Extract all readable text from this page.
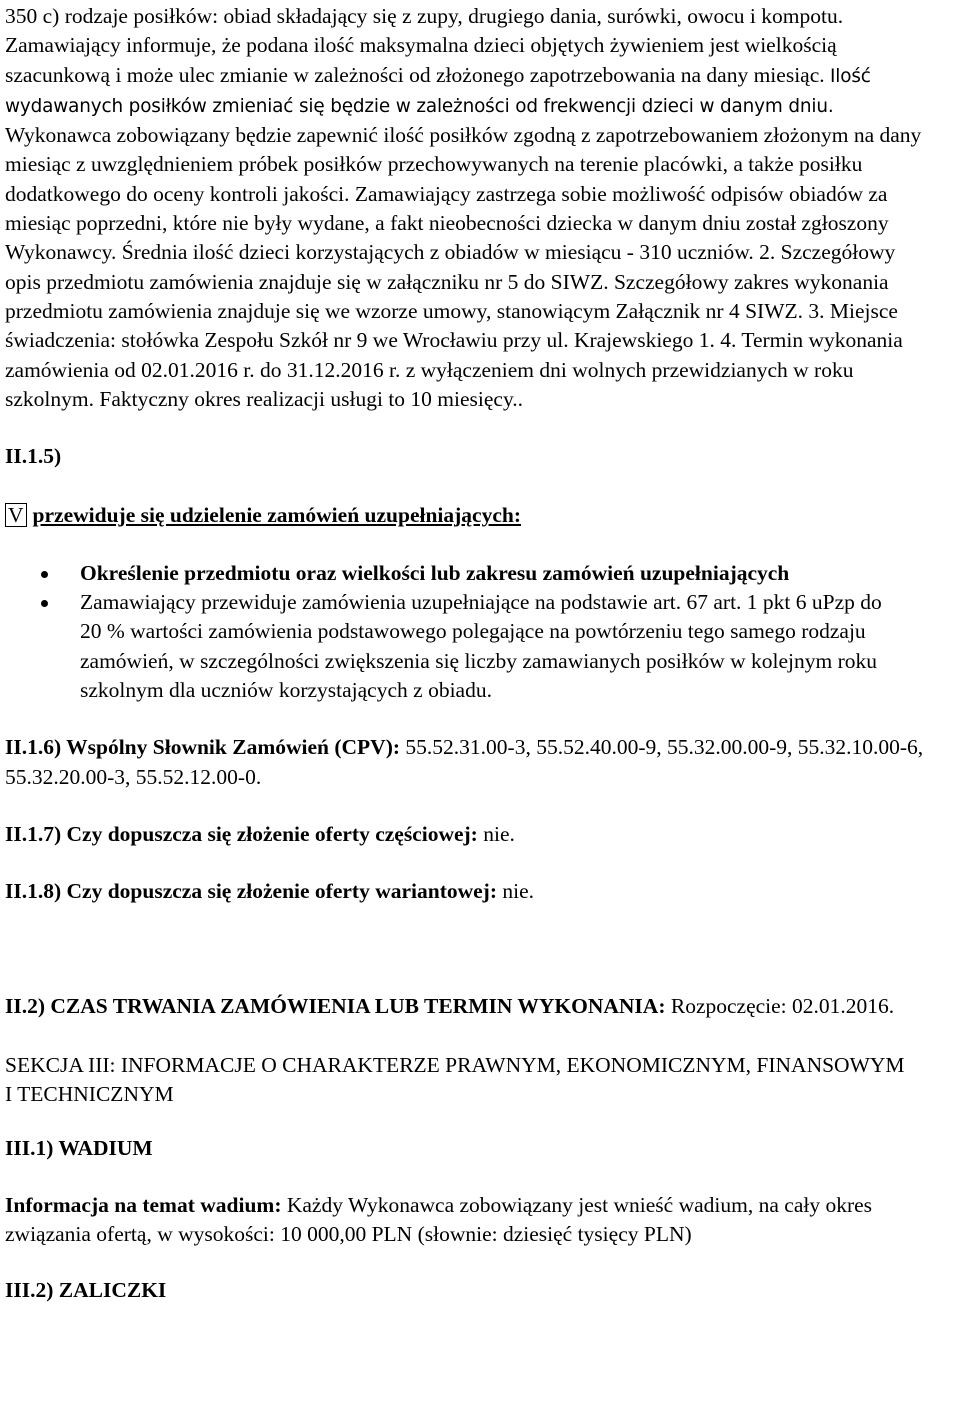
350 c) rodzaje posiłków: obiad składający się z zupy, drugiego dania, surówki, owocu i kompotu. Zamawiający informuje, że podana ilość maksymalna dzieci objętych żywieniem jest wielkością szacunkową i może ulec zmianie w zależności od złożonego zapotrzebowania na dany miesiąc. Ilość wydawanych posiłków zmieniać się będzie w zależności od frekwencji dzieci w danym dniu. Wykonawca zobowiązany będzie zapewnić ilość posiłków zgodną z zapotrzebowaniem złożonym na dany miesiąc z uwzględnieniem próbek posiłków przechowywanych na terenie placówki, a także posiłku dodatkowego do oceny kontroli jakości. Zamawiający zastrzega sobie możliwość odpisów obiadów za miesiąc poprzedni, które nie były wydane, a fakt nieobecności dziecka w danym dniu został zgłoszony Wykonawcy. Średnia ilość dzieci korzystających z obiadów w miesiącu - 310 uczniów. 2. Szczegółowy opis przedmiotu zamówienia znajduje się w załączniku nr 5 do SIWZ. Szczegółowy zakres wykonania przedmiotu zamówienia znajduje się we wzorze umowy, stanowiącym Załącznik nr 4 SIWZ. 3. Miejsce świadczenia: stołówka Zespołu Szkół nr 9 we Wrocławiu przy ul. Krajewskiego 1. 4. Termin wykonania zamówienia od 02.01.2016 r. do 31.12.2016 r. z wyłączeniem dni wolnych przewidzianych w roku szkolnym. Faktyczny okres realizacji usługi to 10 miesięcy..

II.1.5)

V przewiduje się udzielenie zamówień uzupełniających:

Określenie przedmiotu oraz wielkości lub zakresu zamówień uzupełniających
Zamawiający przewiduje zamówienia uzupełniające na podstawie art. 67 art. 1 pkt 6 uPzp do 20 % wartości zamówienia podstawowego polegające na powtórzeniu tego samego rodzaju zamówień, w szczególności zwiększenia się liczby zamawianych posiłków w kolejnym roku szkolnym dla uczniów korzystających z obiadu.

II.1.6) Wspólny Słownik Zamówień (CPV): 55.52.31.00-3, 55.52.40.00-9, 55.32.00.00-9, 55.32.10.00-6, 55.32.20.00-3, 55.52.12.00-0.

II.1.7) Czy dopuszcza się złożenie oferty częściowej: nie.

II.1.8) Czy dopuszcza się złożenie oferty wariantowej: nie.

II.2) CZAS TRWANIA ZAMÓWIENIA LUB TERMIN WYKONANIA: Rozpoczęcie: 02.01.2016.

SEKCJA III: INFORMACJE O CHARAKTERZE PRAWNYM, EKONOMICZNYM, FINANSOWYM I TECHNICZNYM

III.1) WADIUM

Informacja na temat wadium: Każdy Wykonawca zobowiązany jest wnieść wadium, na cały okres związania ofertą, w wysokości: 10 000,00 PLN (słownie: dziesięć tysięcy PLN)

III.2) ZALICZKI
